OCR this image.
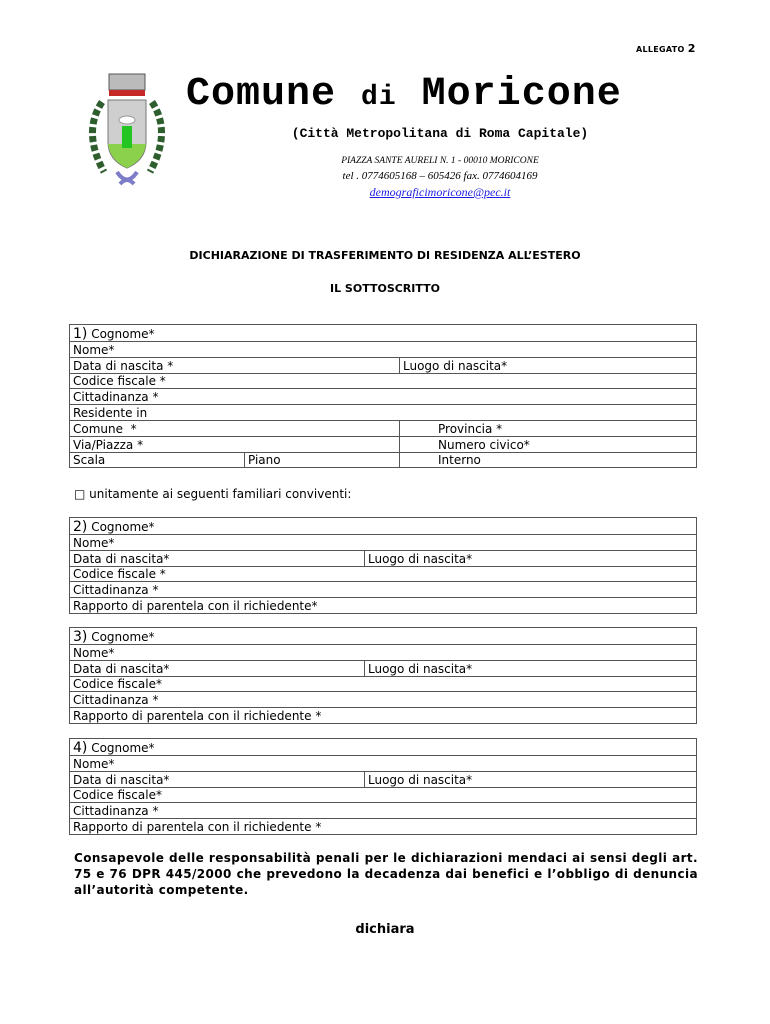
ALLEGATO 2
Comune di Moricone
(Città Metropolitana di Roma Capitale)
PIAZZA SANTE AURELI N. 1 - 00010 MORICONE
tel . 0774605168 – 605426 fax. 0774604169
demograficimoricone@pec.it
DICHIARAZIONE DI TRASFERIMENTO DI RESIDENZA ALL’ESTERO
IL SOTTOSCRITTO
1) Cognome*		
Nome*		
Data di nascita *		Luogo di nascita*
Codice fiscale *		
Cittadinanza *		
Residente in		
Comune  *		Provincia *
Via/Piazza *		Numero civico*
Scala	Piano	Interno
□ unitamente ai seguenti familiari conviventi:
2) Cognome*
Nome*
Data di nascita*	Luogo di nascita*
Codice fiscale *
Cittadinanza *
Rapporto di parentela con il richiedente*
3) Cognome*
Nome*
Data di nascita*	Luogo di nascita*
Codice fiscale*
Cittadinanza *
Rapporto di parentela con il richiedente *
4) Cognome*
Nome*
Data di nascita*	Luogo di nascita*
Codice fiscale*
Cittadinanza *
Rapporto di parentela con il richiedente *
Consapevole delle responsabilità penali per le dichiarazioni mendaci ai sensi degli art. 75 e 76 DPR 445/2000 che prevedono la decadenza dai benefici e l’obbligo di denuncia all’autorità competente.
dichiara
